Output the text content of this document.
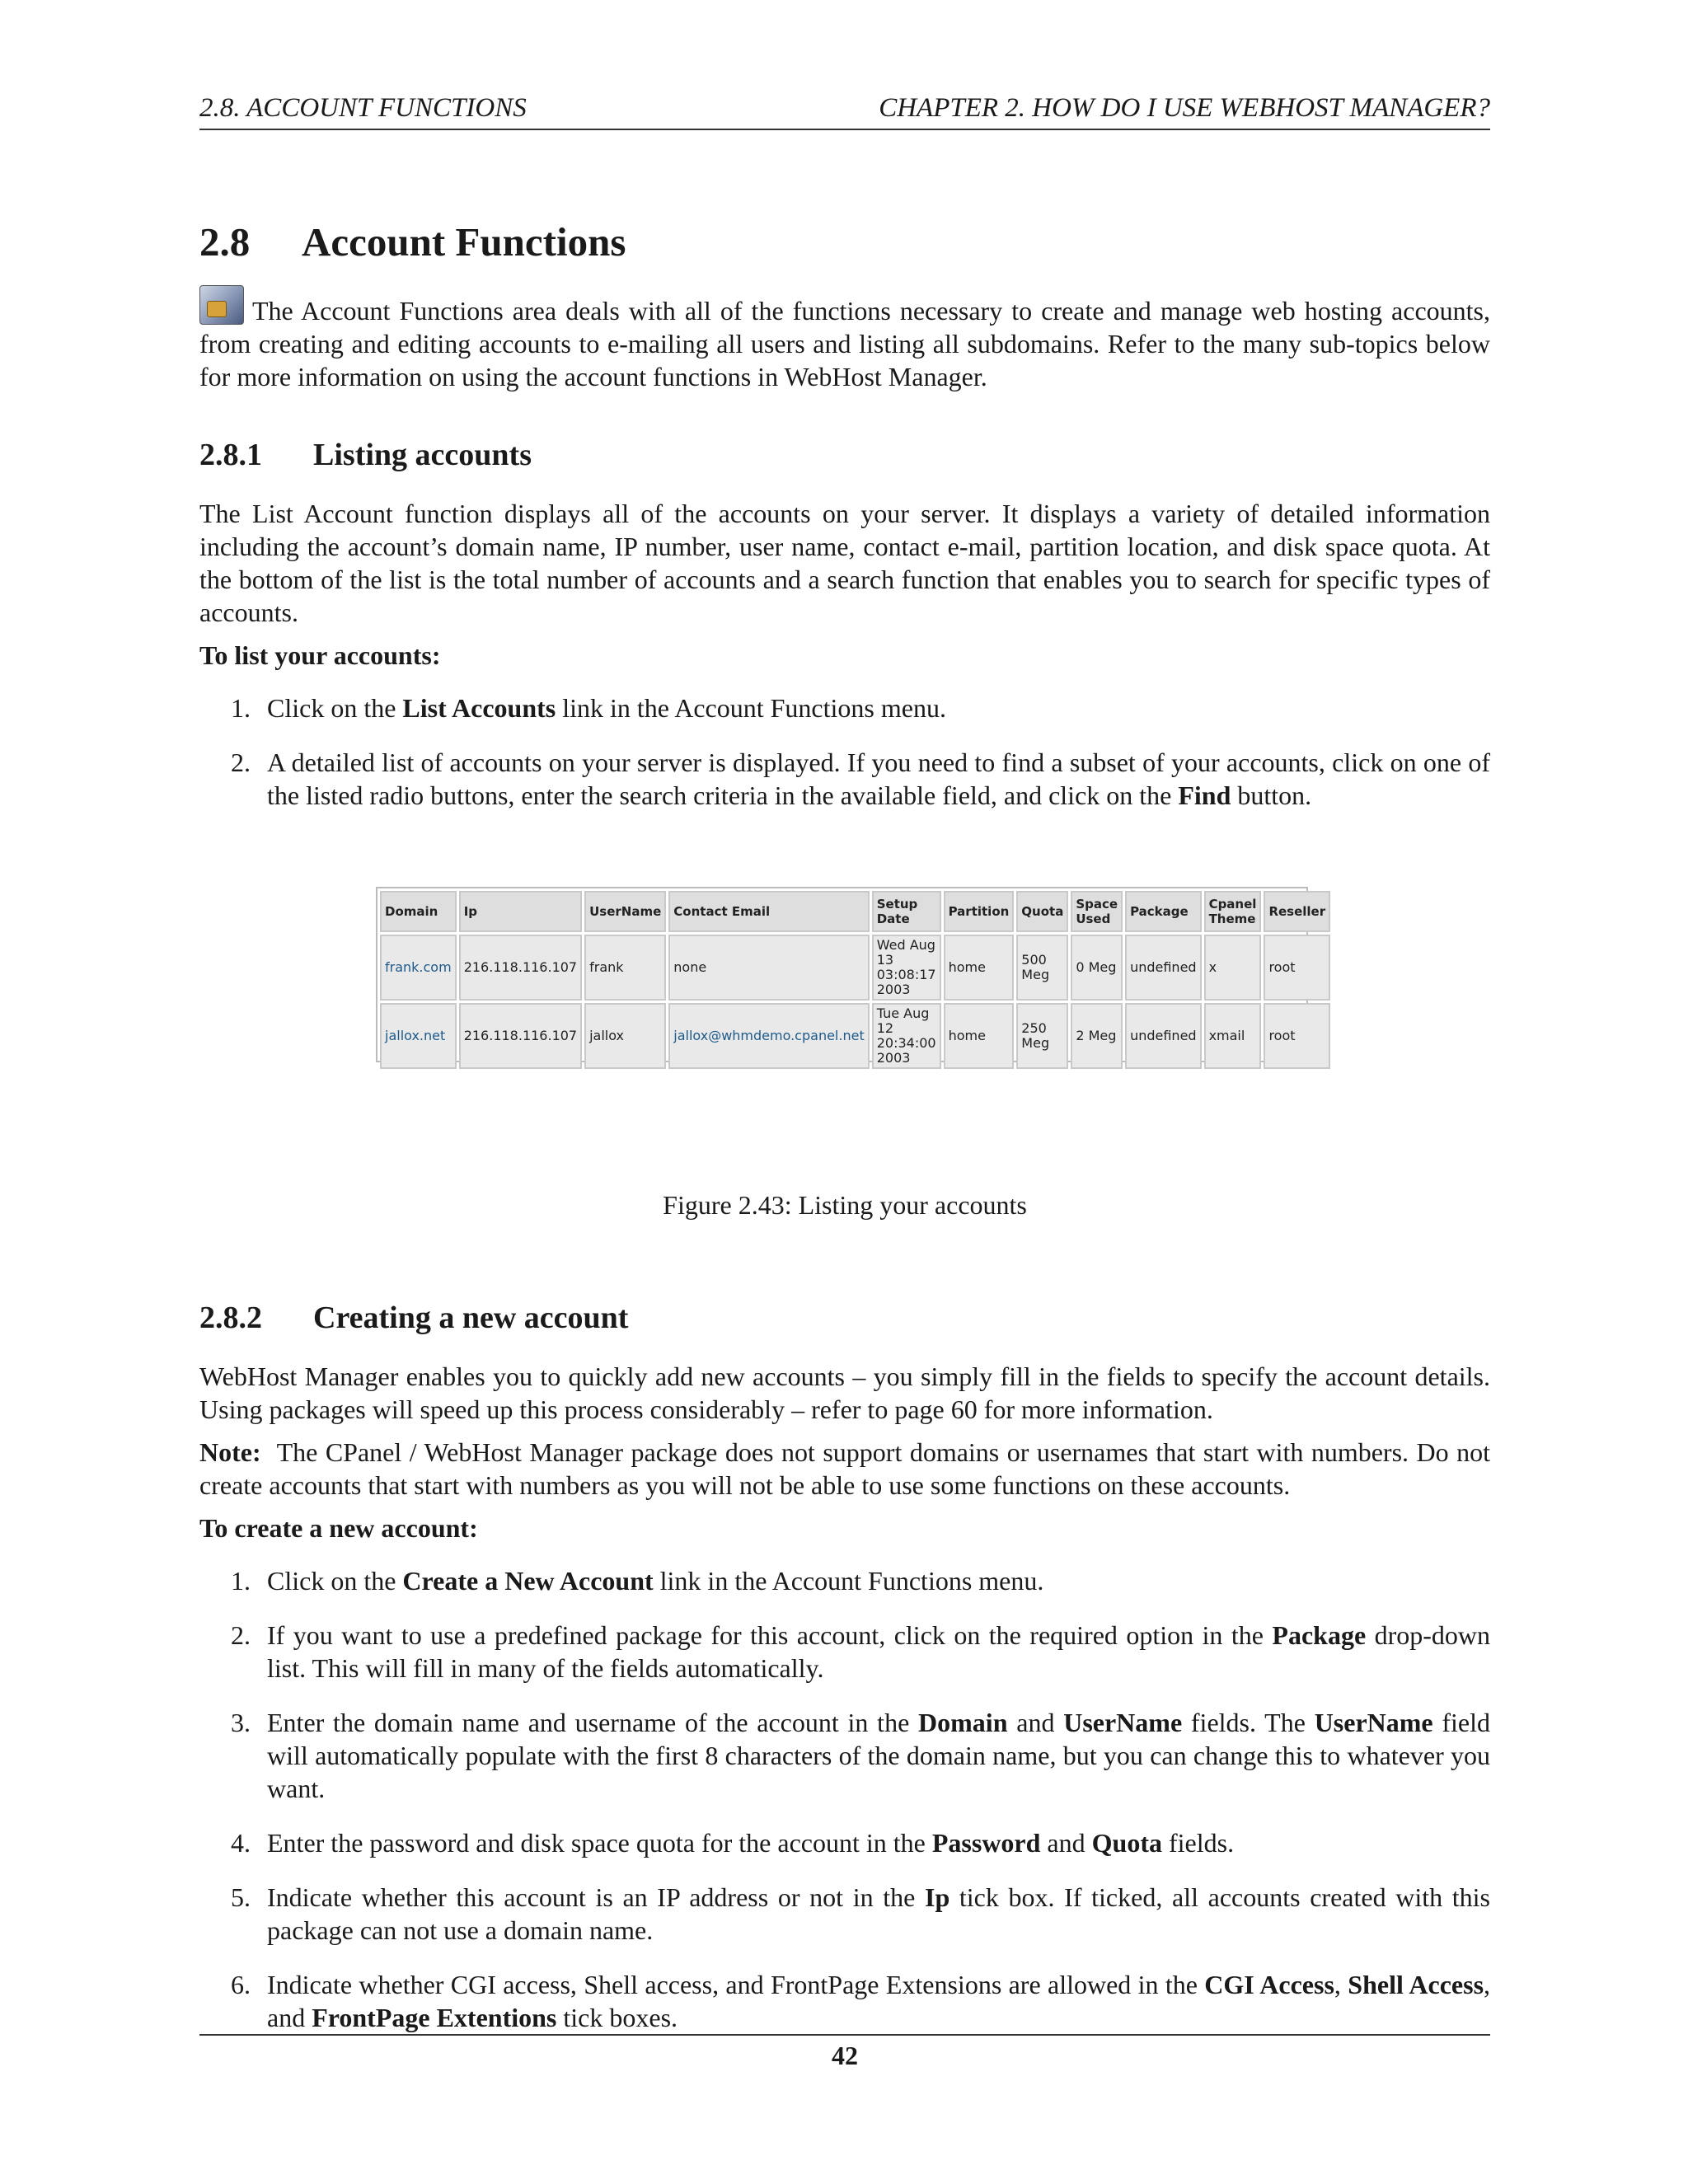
2.8. ACCOUNT FUNCTIONS	CHAPTER 2. HOW DO I USE WEBHOST MANAGER?
2.8 Account Functions

The Account Functions area deals with all of the functions necessary to create and manage web hosting accounts, from creating and editing accounts to e-mailing all users and listing all subdomains. Refer to the many sub-topics below for more information on using the account functions in WebHost Manager.

2.8.1 Listing accounts

The List Account function displays all of the accounts on your server. It displays a variety of detailed information including the account’s domain name, IP number, user name, contact e-mail, partition location, and disk space quota. At the bottom of the list is the total number of accounts and a search function that enables you to search for specific types of accounts.

To list your accounts:

1. Click on the List Accounts link in the Account Functions menu.
2. A detailed list of accounts on your server is displayed. If you need to find a subset of your accounts, click on one of the listed radio buttons, enter the search criteria in the available field, and click on the Find button.
Figure 2.43: Listing your accounts
2.8.2 Creating a new account

WebHost Manager enables you to quickly add new accounts – you simply fill in the fields to specify the account details. Using packages will speed up this process considerably – refer to page 60 for more information.

Note: The CPanel / WebHost Manager package does not support domains or usernames that start with numbers. Do not create accounts that start with numbers as you will not be able to use some functions on these accounts.

To create a new account:

1. Click on the Create a New Account link in the Account Functions menu.
2. If you want to use a predefined package for this account, click on the required option in the Package drop-down list. This will fill in many of the fields automatically.
3. Enter the domain name and username of the account in the Domain and UserName fields. The UserName field will automatically populate with the first 8 characters of the domain name, but you can change this to whatever you want.
4. Enter the password and disk space quota for the account in the Password and Quota fields.
5. Indicate whether this account is an IP address or not in the Ip tick box. If ticked, all accounts created with this package can not use a domain name.
6. Indicate whether CGI access, Shell access, and FrontPage Extensions are allowed in the CGI Access, Shell Access, and FrontPage Extentions tick boxes.
42
Domain	Ip	UserName	Contact Email	Setup Date	Partition	Quota	Space Used	Package	Cpanel Theme	Reseller
frank.com	216.118.116.107	frank	none	Wed Aug 13 03:08:17 2003	home	500 Meg	0 Meg	undefined	x	root
jallox.net	216.118.116.107	jallox	jallox@whmdemo.cpanel.net	Tue Aug 12 20:34:00 2003	home	250 Meg	2 Meg	undefined	xmail	root
